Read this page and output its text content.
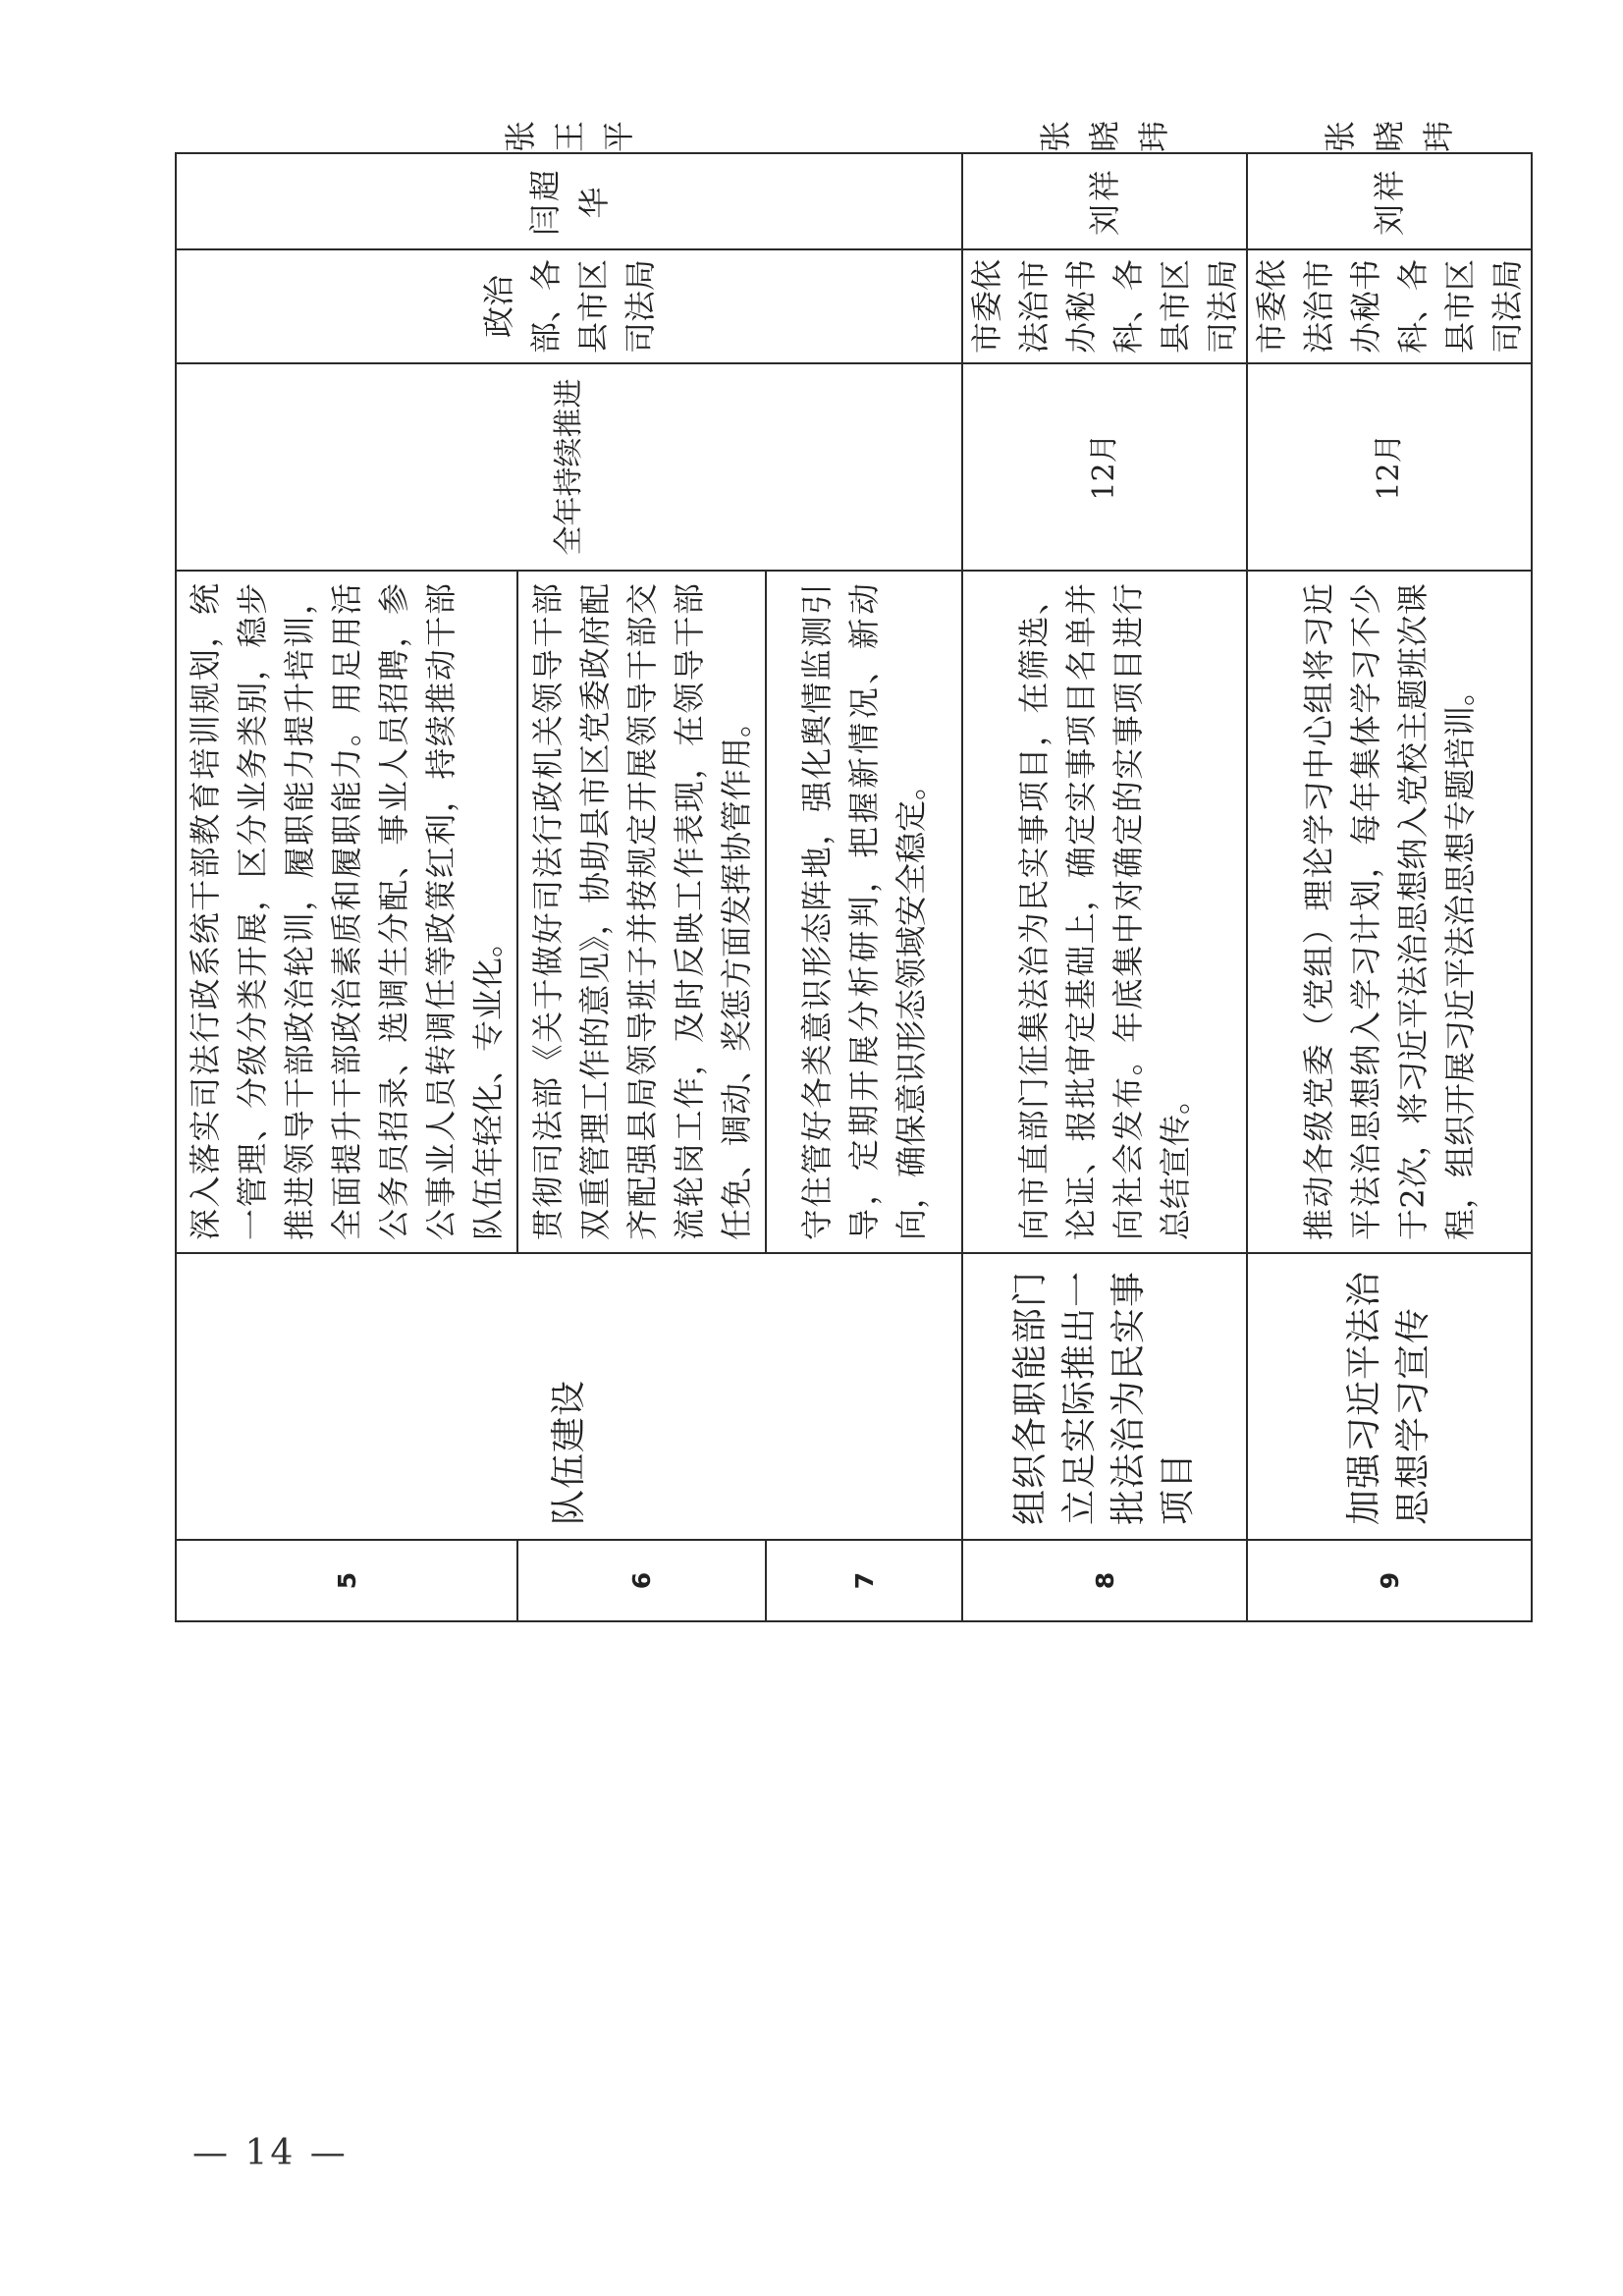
5	队伍建设	深入落实司法行政系统干部教育培训规划，统一管理、分级分类开展，区分业务类别，稳步推进领导干部政治轮训，履职能力提升培训，全面提升干部政治素质和履职能力。用足用活公务员招录、选调生分配、事业人员招聘，参公事业人员转调任等政策红利，持续推动干部队伍年轻化、专业化。	全年持续推进	政治部、各县市区司法局	闫超华	张王平

6		贯彻司法部《关于做好司法行政机关领导干部双重管理工作的意见》，协助县市区党委政府配齐配强县局领导班子并按规定开展领导干部交流轮岗工作，及时反映工作表现，在领导干部任免、调动、奖惩方面发挥协管作用。				

7		守住管好各类意识形态阵地，强化舆情监测引导，定期开展分析研判，把握新情况、新动向，确保意识形态领域安全稳定。				

8	组织各职能部门立足实际推出一批法治为民实事项目	向市直部门征集法治为民实事项目，在筛选、论证、报批审定基础上，确定实事项目名单并向社会发布。年底集中对确定的实事项目进行总结宣传。	12月	市委依法治市办秘书科、各县市区司法局	刘祥	张晓玮

9	加强习近平法治思想学习宣传	推动各级党委（党组）理论学习中心组将习近平法治思想纳入学习计划，每年集体学习不少于2次，将习近平法治思想纳入党校主题班次课程，组织开展习近平法治思想专题培训。	12月	市委依法治市办秘书科、各县市区司法局	刘祥	张晓玮
— 14 —
